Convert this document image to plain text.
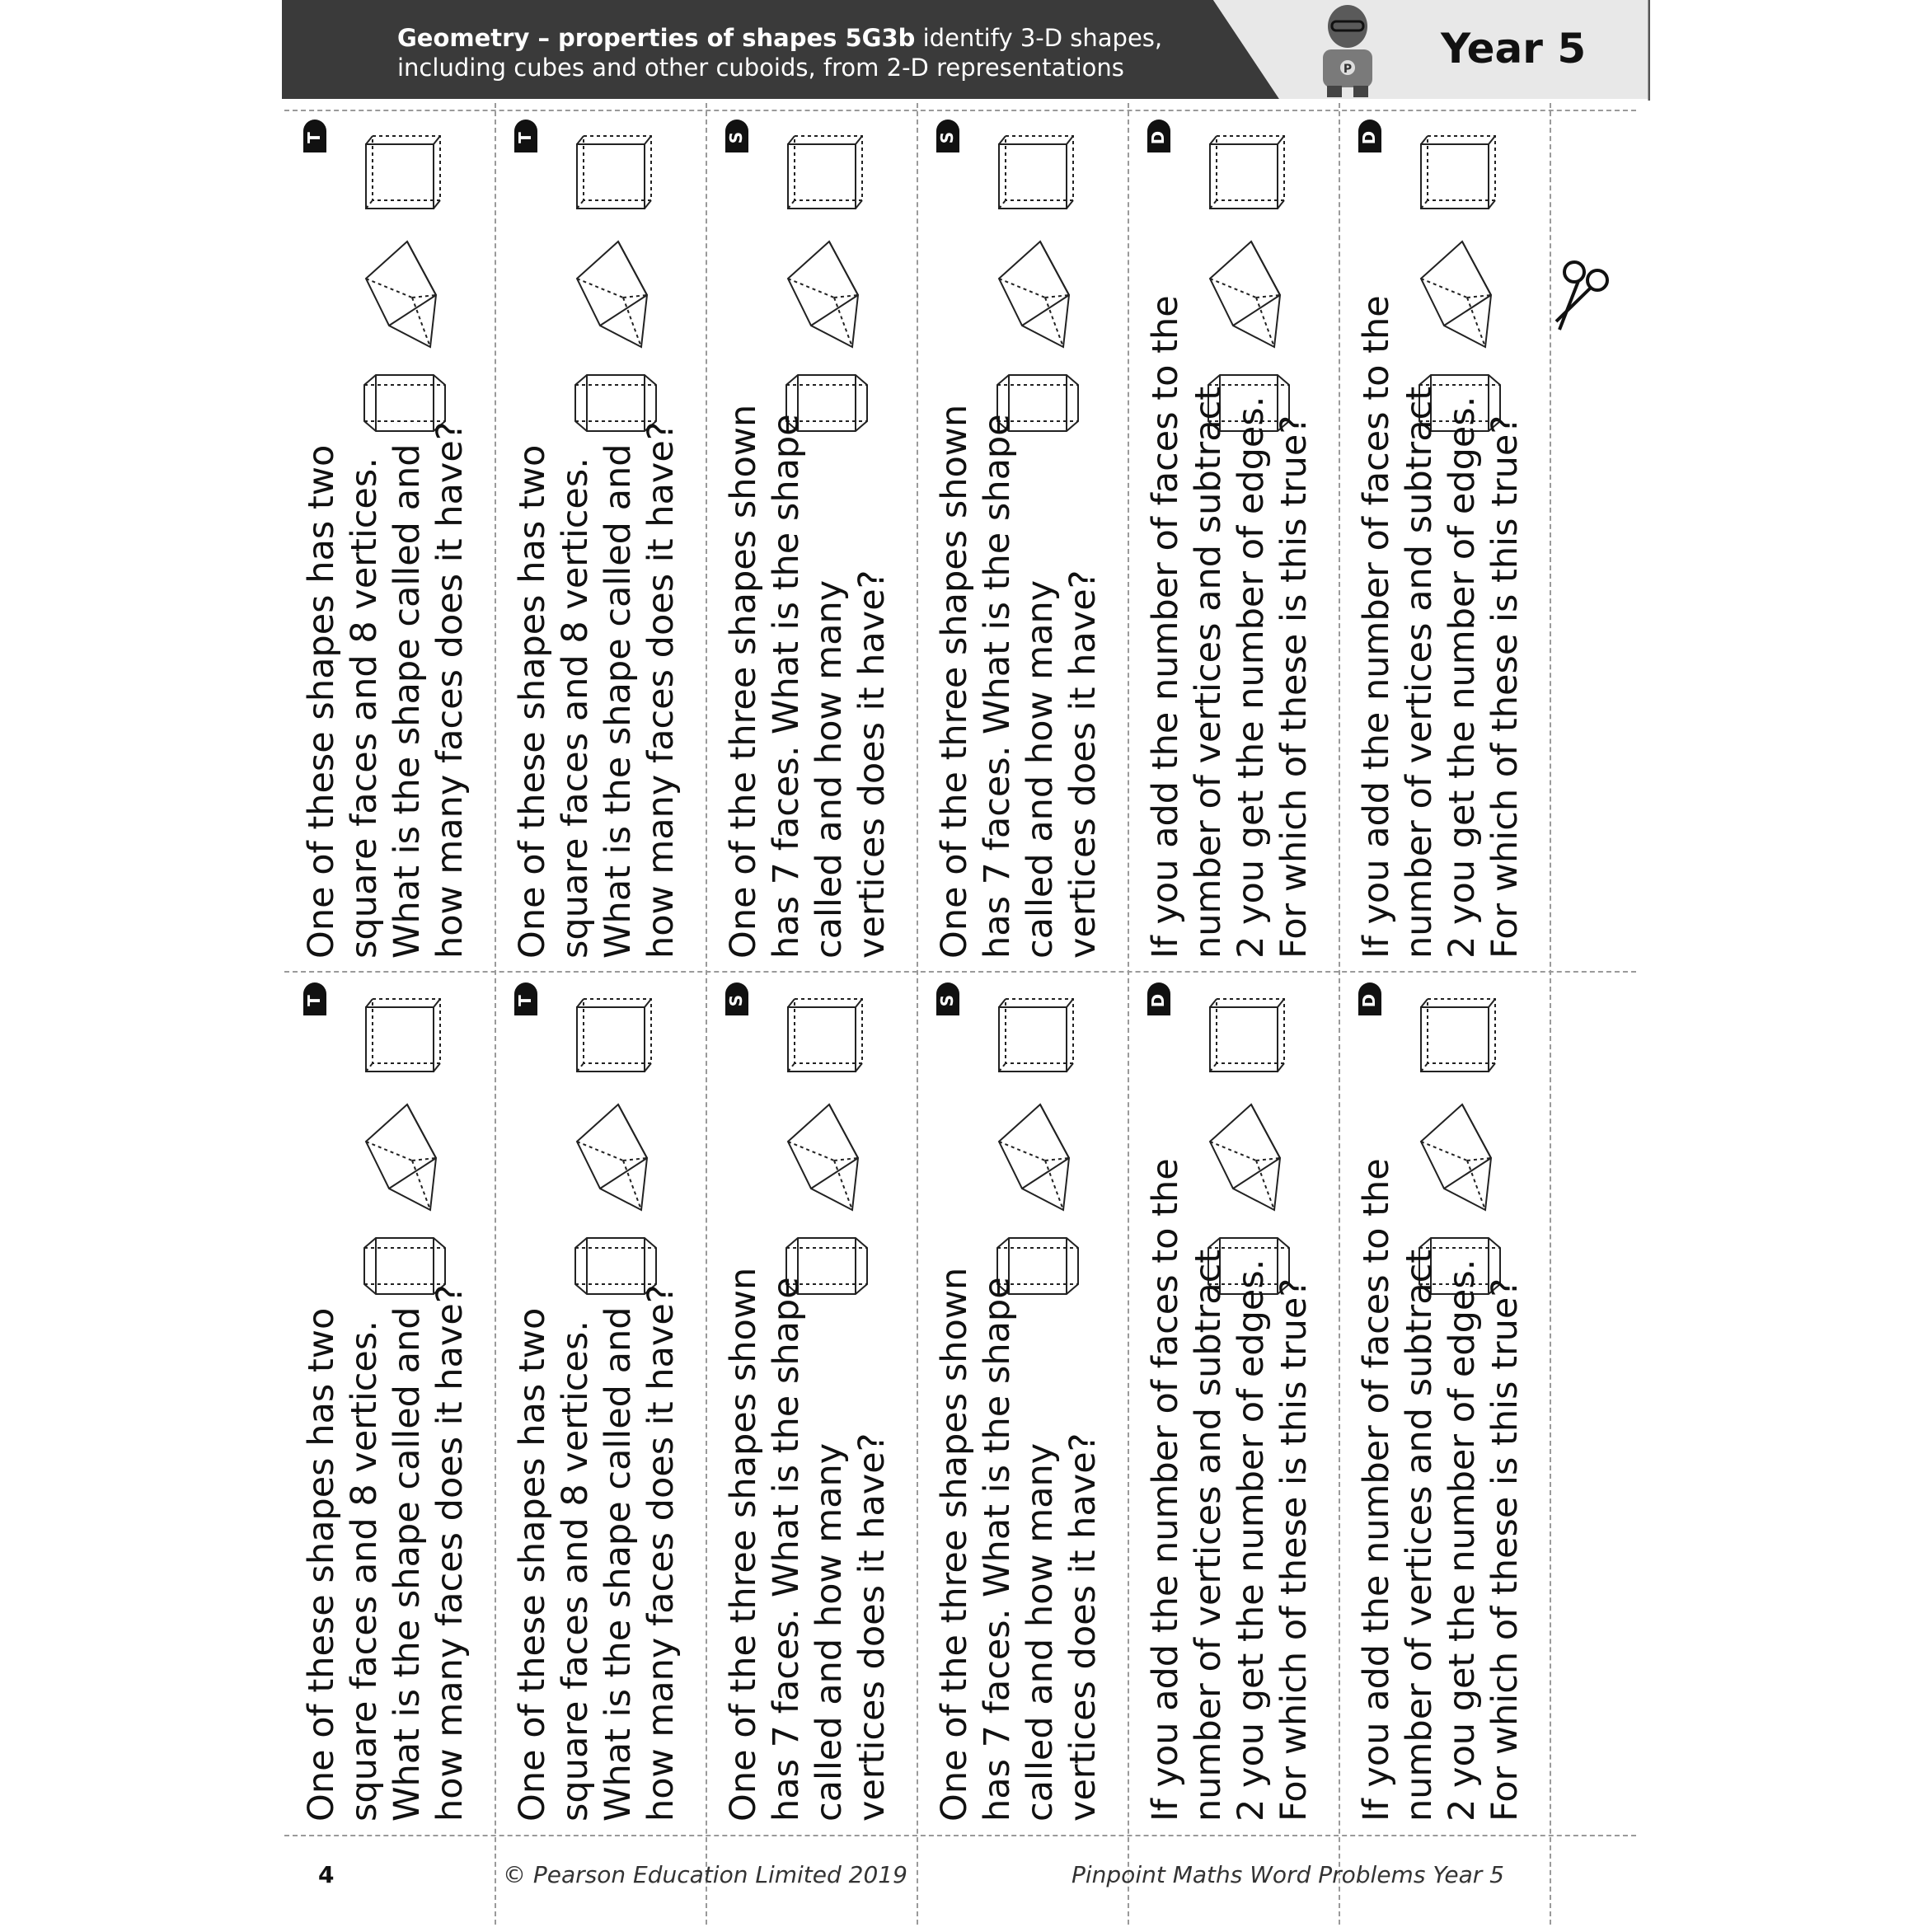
Geometry – properties of shapes 5G3b identify 3-D shapes,
including cubes and other cuboids, from 2-D representations	P Year 5
T
One of these shapes has two
square faces and 8 vertices.
What is the shape called and
how many faces does it have?
T
One of these shapes has two
square faces and 8 vertices.
What is the shape called and
how many faces does it have?
S
One of the three shapes shown
has 7 faces. What is the shape
called and how many
vertices does it have?
S
One of the three shapes shown
has 7 faces. What is the shape
called and how many
vertices does it have?
D
If you add the number of faces to the
number of vertices and subtract
2 you get the number of edges.
For which of these is this true?
D
If you add the number of faces to the
number of vertices and subtract
2 you get the number of edges.
For which of these is this true?
T
One of these shapes has two
square faces and 8 vertices.
What is the shape called and
how many faces does it have?
T
One of these shapes has two
square faces and 8 vertices.
What is the shape called and
how many faces does it have?
S
One of the three shapes shown
has 7 faces. What is the shape
called and how many
vertices does it have?
S
One of the three shapes shown
has 7 faces. What is the shape
called and how many
vertices does it have?
D
If you add the number of faces to the
number of vertices and subtract
2 you get the number of edges.
For which of these is this true?
D
If you add the number of faces to the
number of vertices and subtract
2 you get the number of edges.
For which of these is this true?
4	© Pearson Education Limited 2019	Pinpoint Maths Word Problems Year 5
